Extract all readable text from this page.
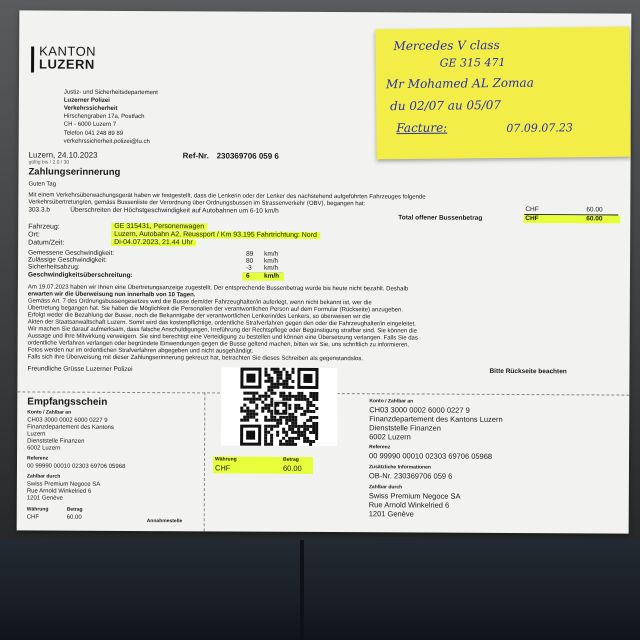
KANTON
LUZERN
Justiz- und Sicherheitsdepartement
Luzerner Polizei
Verkehrssicherheit
Hirschengraben 17a, Postfach
CH - 6000 Luzern 7
Telefon 041 248 89 89
verkehrssicherheit.polizei@lu.ch
Luzern, 24.10.2023	Ref-Nr. 230369706 059 6
gültig bis / 2.0 / 30
Zahlungserinnerung
Guten Tag
Mit einem Verkehrsüberwachungsgerät haben wir festgestellt, dass die Lenkerin oder der Lenker des nachstehend aufgeführten Fahrzeuges folgende
Verkehrsübertretung/en, gemäss Bussenliste der Verordnung über Ordnungsbussen im Strassenverkehr (OBV), begangen hat:
303.3.b	Überschreiten der Höchstgeschwindigkeit auf Autobahnen um 6-10 km/h	CHF	60.00
Total offener Bussenbetrag	CHF	60.00
Fahrzeug:	GE 315431, Personenwagen
Ort:	Luzern, Autobahn A2, Reussport / Km 93.195 Fahrtrichtung: Nord
Datum/Zeit:	Di-04.07.2023, 21.44 Uhr
Gemessene Geschwindigkeit:	89 km/h
Zulässige Geschwindigkeit:	80 km/h
Sicherheitsabzug:	-3 km/h
Geschwindigkeitsüberschreitung:	6 km/h
Am 19.07.2023 haben wir Ihnen eine Übertretungsanzeige zugestellt. Der entsprechende Bussenbetrag wurde bis heute nicht bezahlt. Deshalb
erwarten wir die Überweisung nun innerhalb von 10 Tagen.
Gemäss Art. 7 des Ordnungsbussengesetzes wird die Busse dem/der Fahrzeughalter/in auferlegt, wenn nicht bekannt ist, wer die
Übertretung begangen hat. Sie haben die Möglichkeit die Personalien der verantwortlichen Person auf dem Formular (Rückseite) anzugeben.
Erfolgt weder die Bezahlung der Busse, noch die Bekanntgabe der verantwortlichen Lenkerin/des Lenkers, so überweisen wir die
Akten der Staatsanwaltschaft Luzern. Somit wird das kostenpflichtige, ordentliche Strafverfahren gegen den oder die Fahrzeughalter/in eingeleitet.
Wir machen Sie darauf aufmerksam, dass falsche Anschuldigungen, Irreführung der Rechtspflege oder Begünstigung strafbar sind. Sie können die
Aussage und Ihre Mitwirkung verweigern. Sie sind berechtigt eine Verteidigung zu bestellen und können eine Übersetzung verlangen. Falls Sie das
ordentliche Verfahren verlangen oder begründete Einwendungen gegen die Busse geltend machen, bitten wir Sie, uns schriftlich zu informieren.
Fotos werden nur im ordentlichen Strafverfahren abgegeben und nicht ausgehändigt.
Falls sich Ihre Überweisung mit dieser Zahlungserinnerung gekreuzt hat, betrachten Sie dieses Schreiben als gegenstandslos.
Freundliche Grüsse Luzerner Polizei	Bitte Rückseite beachten
Empfangsschein
Konto / Zahlbar an
CH03 3000 0002 6000 0227 9
Finanzdepartement des Kantons
Luzern
Dienststelle Finanzen
6002 Luzern
Referenz
00 99990 00010 02303 69706 05968
Zahlbar durch
Swiss Premium Negoce SA
Rue Arnold Winkelried 6
1201 Genève
Währung	Betrag
CHF	60.00
Annahmestelle
Währung	Betrag
CHF	60.00
Konto / Zahlbar an
CH03 3000 0002 6000 0227 9
Finanzdepartement des Kantons Luzern
Dienststelle Finanzen
6002 Luzern
Referenz
00 99990 00010 02303 69706 05968
Zusätzliche Informationen
OB-Nr. 230369706 059 6
Zahlbar durch
Swiss Premium Negoce SA
Rue Arnold Winkelried 6
1201 Genève
Mercedes V class
GE 315 471
Mr Mohamed AL Zomaa
du 02/07 au 05/07
Facture:	07.09.07.23
